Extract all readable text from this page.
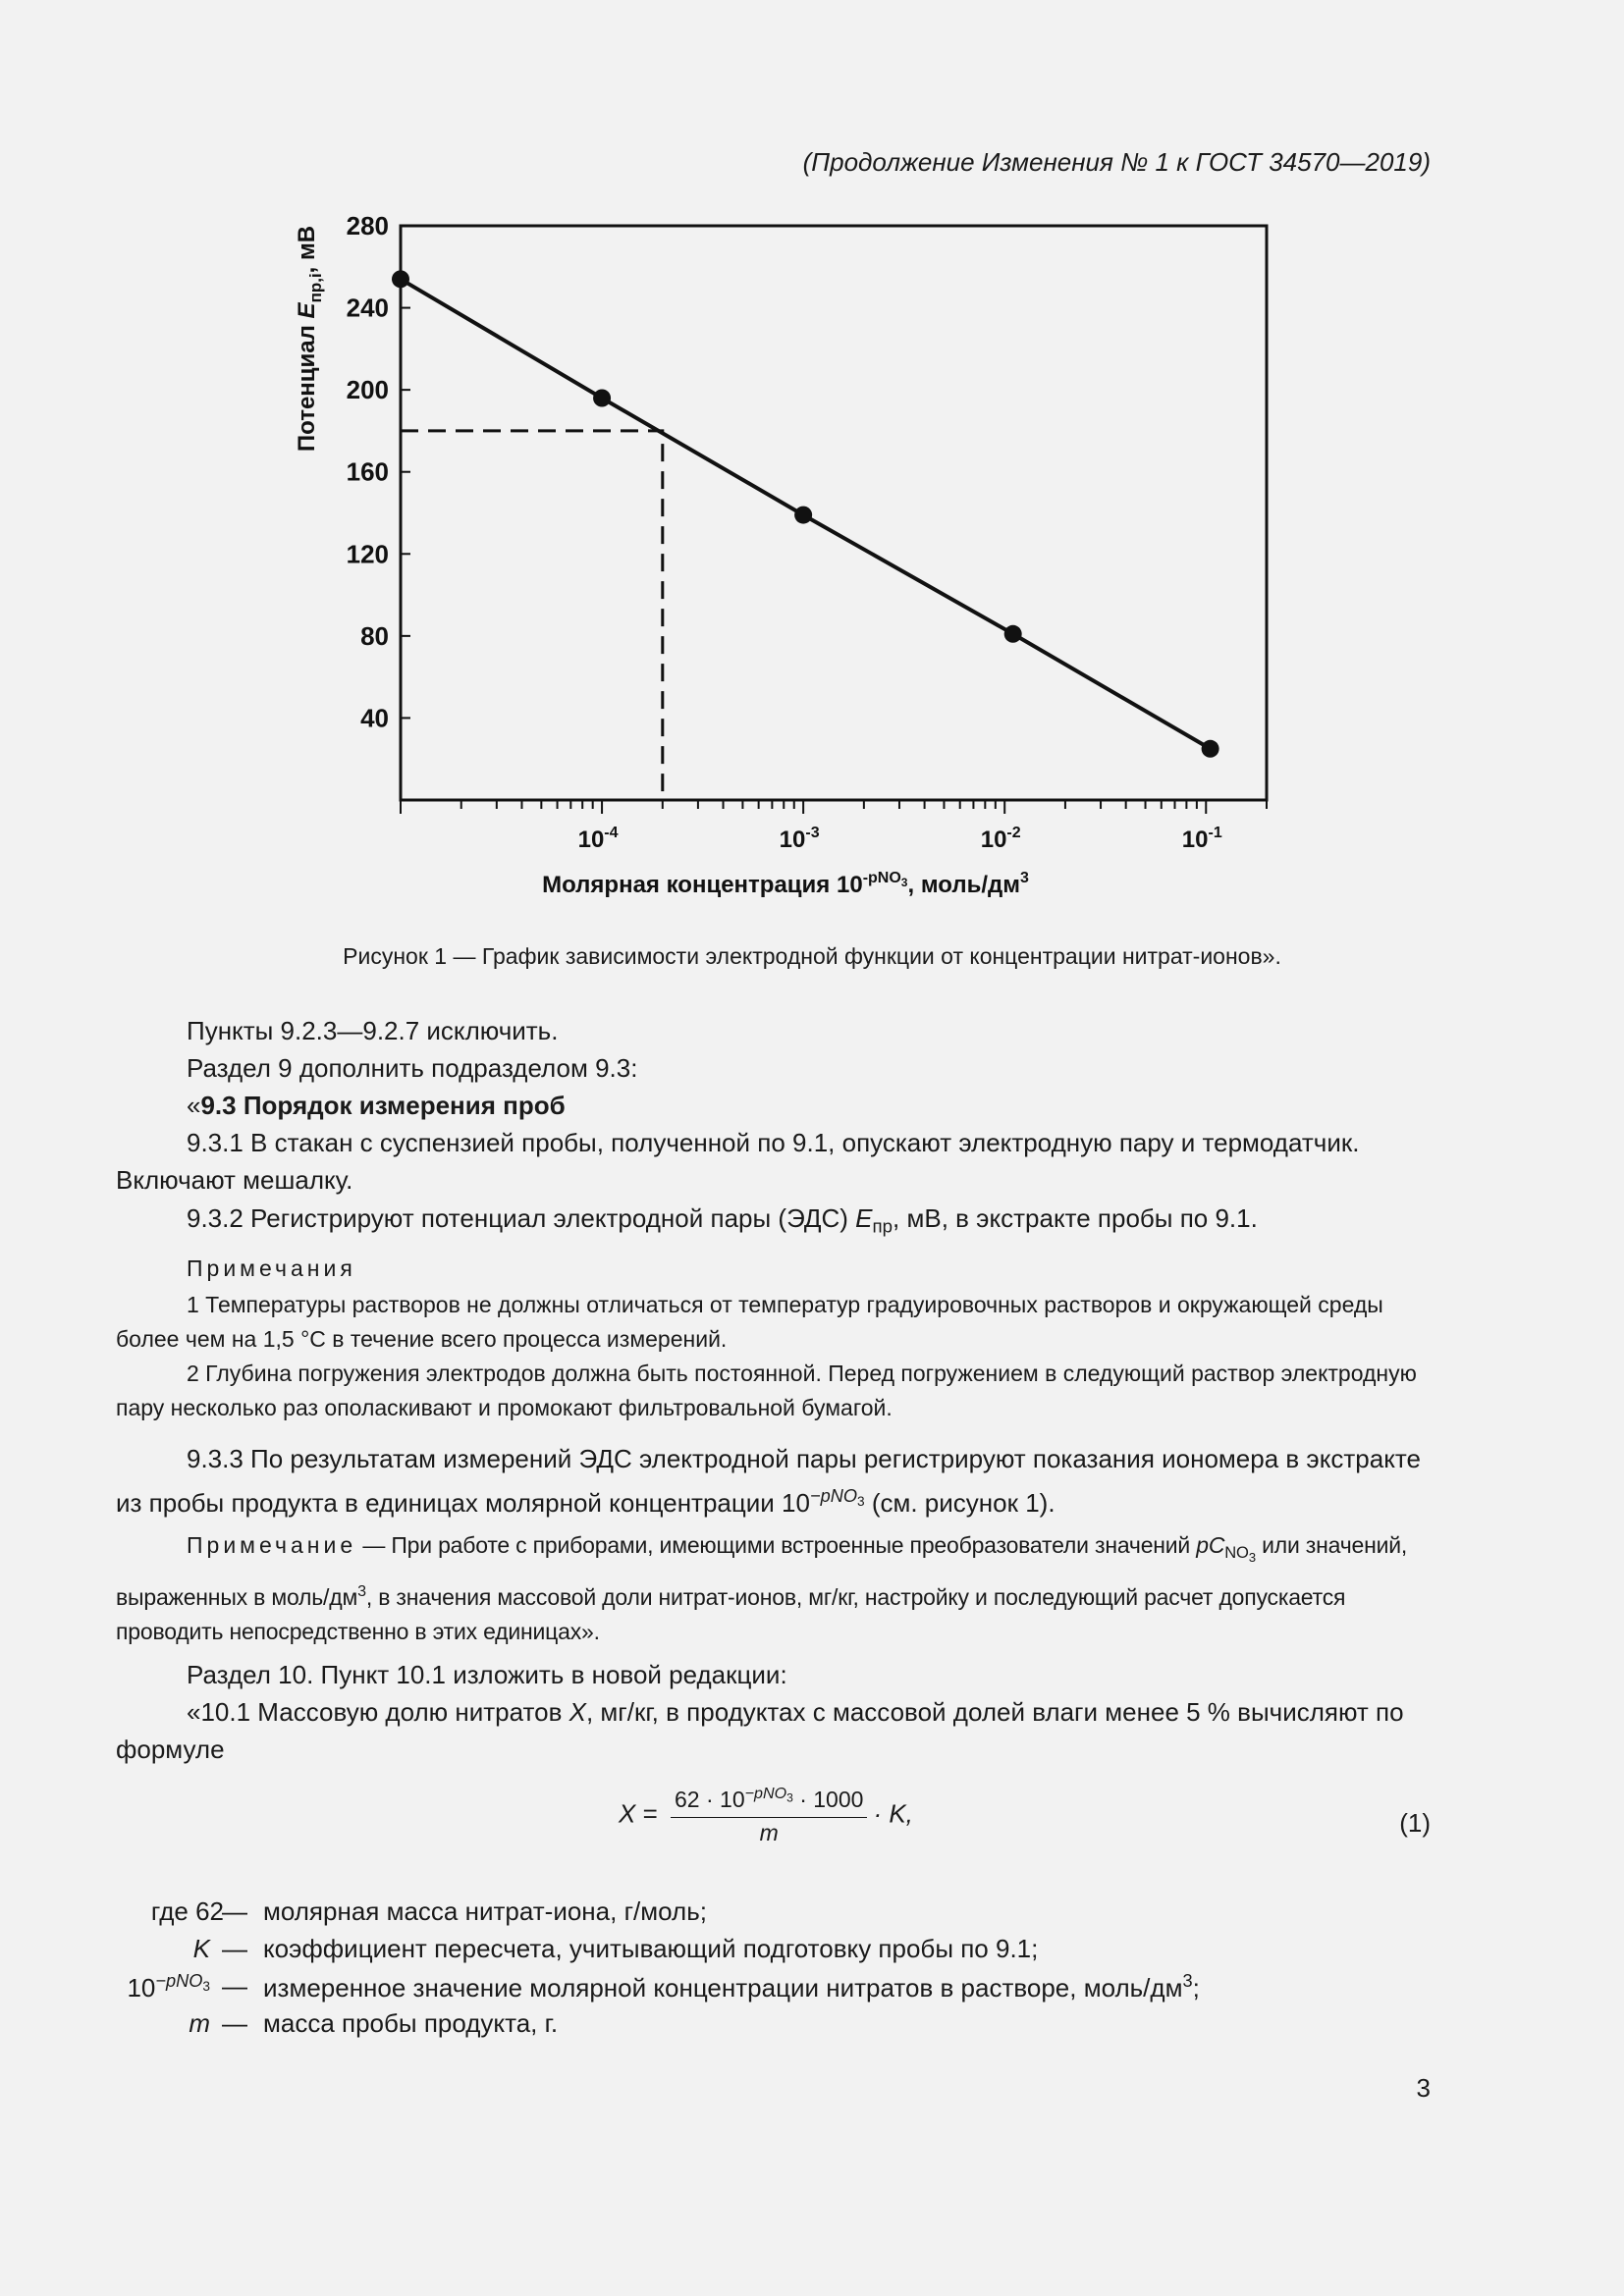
(Продолжение Изменения № 1 к ГОСТ 34570—2019)
40
80
120
160
200
240
280
$10^{-4}$	$10^{-3}$	$10^{-2}$	$10^{-1}$
Потенциал $E_{пр,i}$, мВ
Молярная концентрация $10^{-pNO}3$, моль/$дм^3$
Рисунок 1 — График зависимости электродной функции от концентрации нитрат-ионов».
Пункты 9.2.3—9.2.7 исключить.
Раздел 9 дополнить подразделом 9.3:
«9.3 Порядок измерения проб
9.3.1 В стакан с суспензией пробы, полученной по 9.1, опускают электродную пару и термодатчик. Включают мешалку.
9.3.2 Регистрируют потенциал электродной пары (ЭДС) $E_{пр}$, мВ, в экстракте пробы по 9.1.
Примечания
1 Температуры растворов не должны отличаться от температур градуировочных растворов и окружающей среды более чем на 1,5 °С в течение всего процесса измерений.
2 Глубина погружения электродов должна быть постоянной. Перед погружением в следующий раствор электродную пару несколько раз ополаскивают и промокают фильтровальной бумагой.
9.3.3 По результатам измерений ЭДС электродной пары регистрируют показания иономера в экстракте из пробы продукта в единицах молярной концентрации $10^{-pNO_3}$ (см. рисунок 1).
Примечание — При работе с приборами, имеющими встроенные преобразователи значений $pC_{NO_3}$ или значений, выраженных в моль/$дм^3$, в значения массовой доли нитрат-ионов, мг/кг, настройку и последующий расчет допускается проводить непосредственно в этих единицах».
Раздел 10. Пункт 10.1 изложить в новой редакции:
«10.1 Массовую долю нитратов X, мг/кг, в продуктах с массовой долей влаги менее 5 % вычисляют по формуле
$X = \frac{62 \cdot 10^{-pNO_3} \cdot 1000}{m} \cdot K$,	(1)
где 62
— молярная масса нитрат-иона, г/моль;
K — коэффициент пересчета, учитывающий подготовку пробы по 9.1;
$10^{-pNO_3}$ — измеренное значение молярной концентрации нитратов в растворе, моль/$дм^3$;
m — масса пробы продукта, г.
3
